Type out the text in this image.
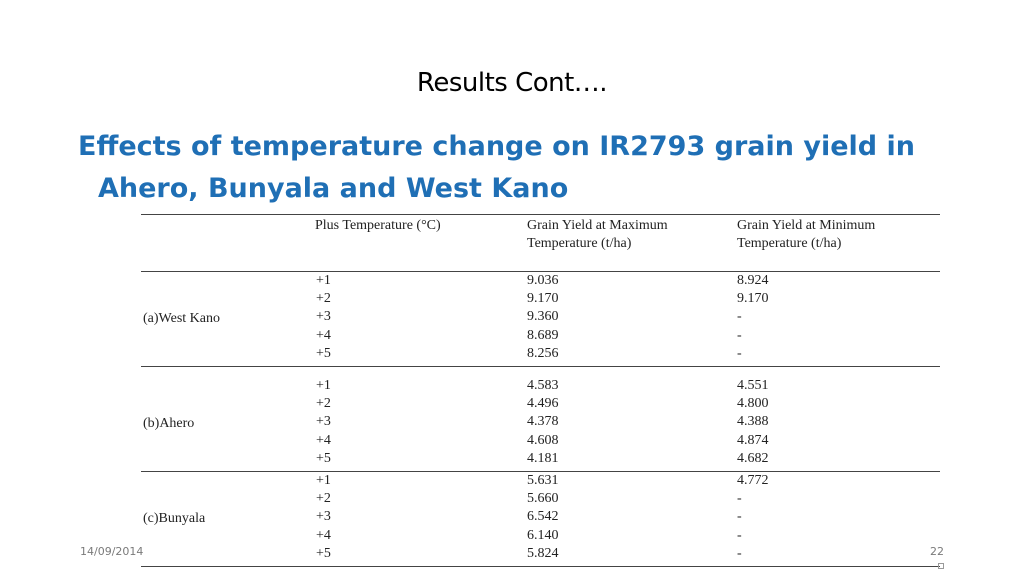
Results Cont….
Effects of temperature change on IR2793 grain yield in
Ahero, Bunyala and West Kano
	Plus Temperature (°C)	Grain Yield at Maximum Temperature (t/ha)	Grain Yield at Minimum Temperature (t/ha)
(a)West Kano	+1	9.036	8.924
	+2	9.170	9.170
	+3	9.360	-
	+4	8.689	-
	+5	8.256	-

(b)Ahero	+1	4.583	4.551
	+2	4.496	4.800
	+3	4.378	4.388
	+4	4.608	4.874
	+5	4.181	4.682
(c)Bunyala	+1	5.631	4.772
	+2	5.660	-
	+3	6.542	-
	+4	6.140	-
	+5	5.824	-
14/09/2014	22
